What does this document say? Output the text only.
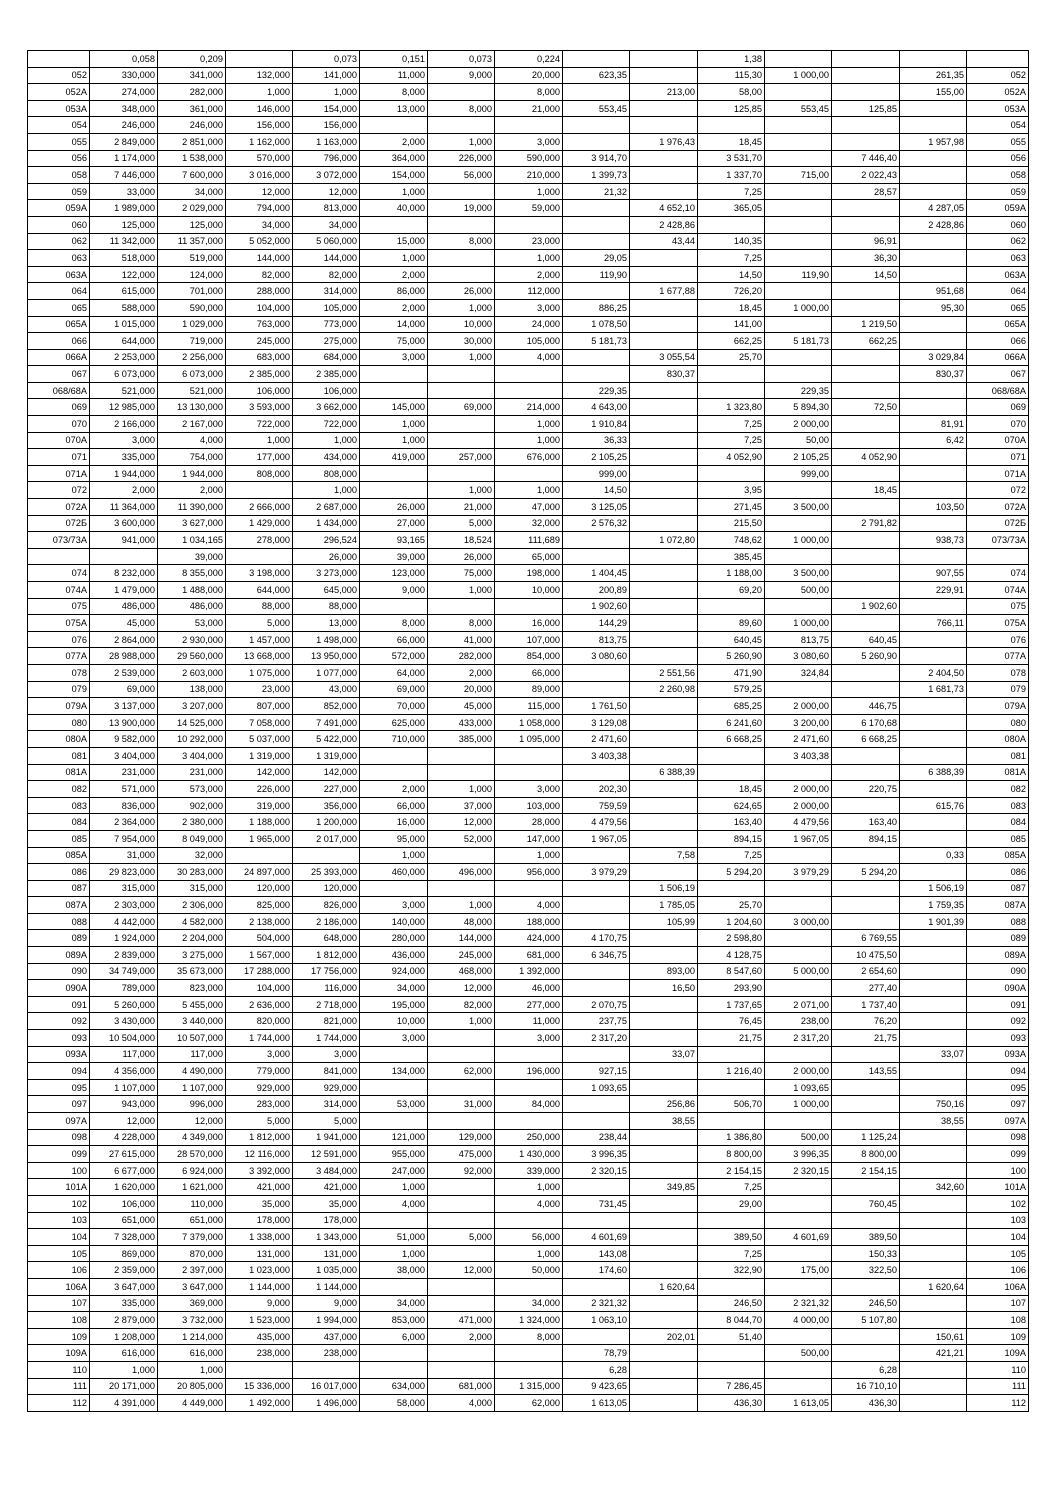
	0,058	0,209		0,073	0,151	0,073	0,224			1,38				
052	330,000	341,000	132,000	141,000	11,000	9,000	20,000	623,35		115,30	1 000,00		261,35	052
052A	274,000	282,000	1,000	1,000	8,000		8,000		213,00	58,00			155,00	052A
053A	348,000	361,000	146,000	154,000	13,000	8,000	21,000	553,45		125,85	553,45	125,85		053A
054	246,000	246,000	156,000	156,000										054
055	2 849,000	2 851,000	1 162,000	1 163,000	2,000	1,000	3,000		1 976,43	18,45			1 957,98	055
056	1 174,000	1 538,000	570,000	796,000	364,000	226,000	590,000	3 914,70		3 531,70		7 446,40		056
058	7 446,000	7 600,000	3 016,000	3 072,000	154,000	56,000	210,000	1 399,73		1 337,70	715,00	2 022,43		058
059	33,000	34,000	12,000	12,000	1,000		1,000	21,32		7,25		28,57		059
059A	1 989,000	2 029,000	794,000	813,000	40,000	19,000	59,000		4 652,10	365,05			4 287,05	059A
060	125,000	125,000	34,000	34,000					2 428,86				2 428,86	060
062	11 342,000	11 357,000	5 052,000	5 060,000	15,000	8,000	23,000		43,44	140,35		96,91		062
063	518,000	519,000	144,000	144,000	1,000		1,000	29,05		7,25		36,30		063
063A	122,000	124,000	82,000	82,000	2,000		2,000	119,90		14,50	119,90	14,50		063A
064	615,000	701,000	288,000	314,000	86,000	26,000	112,000		1 677,88	726,20			951,68	064
065	588,000	590,000	104,000	105,000	2,000	1,000	3,000	886,25		18,45	1 000,00		95,30	065
065A	1 015,000	1 029,000	763,000	773,000	14,000	10,000	24,000	1 078,50		141,00		1 219,50		065A
066	644,000	719,000	245,000	275,000	75,000	30,000	105,000	5 181,73		662,25	5 181,73	662,25		066
066A	2 253,000	2 256,000	683,000	684,000	3,000	1,000	4,000		3 055,54	25,70			3 029,84	066A
067	6 073,000	6 073,000	2 385,000	2 385,000					830,37				830,37	067
068/68A	521,000	521,000	106,000	106,000				229,35			229,35			068/68A
069	12 985,000	13 130,000	3 593,000	3 662,000	145,000	69,000	214,000	4 643,00		1 323,80	5 894,30	72,50		069
070	2 166,000	2 167,000	722,000	722,000	1,000		1,000	1 910,84		7,25	2 000,00		81,91	070
070A	3,000	4,000	1,000	1,000	1,000		1,000	36,33		7,25	50,00		6,42	070A
071	335,000	754,000	177,000	434,000	419,000	257,000	676,000	2 105,25		4 052,90	2 105,25	4 052,90		071
071A	1 944,000	1 944,000	808,000	808,000				999,00			999,00			071A
072	2,000	2,000		1,000		1,000	1,000	14,50		3,95		18,45		072
072A	11 364,000	11 390,000	2 666,000	2 687,000	26,000	21,000	47,000	3 125,05		271,45	3 500,00		103,50	072A
072Б	3 600,000	3 627,000	1 429,000	1 434,000	27,000	5,000	32,000	2 576,32		215,50		2 791,82		072Б
073/73A	941,000	1 034,165	278,000	296,524	93,165	18,524	111,689		1 072,80	748,62	1 000,00		938,73	073/73A
		39,000		26,000	39,000	26,000	65,000			385,45				
074	8 232,000	8 355,000	3 198,000	3 273,000	123,000	75,000	198,000	1 404,45		1 188,00	3 500,00		907,55	074
074A	1 479,000	1 488,000	644,000	645,000	9,000	1,000	10,000	200,89		69,20	500,00		229,91	074A
075	486,000	486,000	88,000	88,000				1 902,60				1 902,60		075
075A	45,000	53,000	5,000	13,000	8,000	8,000	16,000	144,29		89,60	1 000,00		766,11	075A
076	2 864,000	2 930,000	1 457,000	1 498,000	66,000	41,000	107,000	813,75		640,45	813,75	640,45		076
077A	28 988,000	29 560,000	13 668,000	13 950,000	572,000	282,000	854,000	3 080,60		5 260,90	3 080,60	5 260,90		077A
078	2 539,000	2 603,000	1 075,000	1 077,000	64,000	2,000	66,000		2 551,56	471,90	324,84		2 404,50	078
079	69,000	138,000	23,000	43,000	69,000	20,000	89,000		2 260,98	579,25			1 681,73	079
079A	3 137,000	3 207,000	807,000	852,000	70,000	45,000	115,000	1 761,50		685,25	2 000,00	446,75		079A
080	13 900,000	14 525,000	7 058,000	7 491,000	625,000	433,000	1 058,000	3 129,08		6 241,60	3 200,00	6 170,68		080
080A	9 582,000	10 292,000	5 037,000	5 422,000	710,000	385,000	1 095,000	2 471,60		6 668,25	2 471,60	6 668,25		080A
081	3 404,000	3 404,000	1 319,000	1 319,000				3 403,38			3 403,38			081
081A	231,000	231,000	142,000	142,000					6 388,39				6 388,39	081A
082	571,000	573,000	226,000	227,000	2,000	1,000	3,000	202,30		18,45	2 000,00	220,75		082
083	836,000	902,000	319,000	356,000	66,000	37,000	103,000	759,59		624,65	2 000,00		615,76	083
084	2 364,000	2 380,000	1 188,000	1 200,000	16,000	12,000	28,000	4 479,56		163,40	4 479,56	163,40		084
085	7 954,000	8 049,000	1 965,000	2 017,000	95,000	52,000	147,000	1 967,05		894,15	1 967,05	894,15		085
085A	31,000	32,000			1,000		1,000		7,58	7,25			0,33	085A
086	29 823,000	30 283,000	24 897,000	25 393,000	460,000	496,000	956,000	3 979,29		5 294,20	3 979,29	5 294,20		086
087	315,000	315,000	120,000	120,000					1 506,19				1 506,19	087
087A	2 303,000	2 306,000	825,000	826,000	3,000	1,000	4,000		1 785,05	25,70			1 759,35	087A
088	4 442,000	4 582,000	2 138,000	2 186,000	140,000	48,000	188,000		105,99	1 204,60	3 000,00		1 901,39	088
089	1 924,000	2 204,000	504,000	648,000	280,000	144,000	424,000	4 170,75		2 598,80		6 769,55		089
089A	2 839,000	3 275,000	1 567,000	1 812,000	436,000	245,000	681,000	6 346,75		4 128,75		10 475,50		089A
090	34 749,000	35 673,000	17 288,000	17 756,000	924,000	468,000	1 392,000		893,00	8 547,60	5 000,00	2 654,60		090
090A	789,000	823,000	104,000	116,000	34,000	12,000	46,000		16,50	293,90		277,40		090A
091	5 260,000	5 455,000	2 636,000	2 718,000	195,000	82,000	277,000	2 070,75		1 737,65	2 071,00	1 737,40		091
092	3 430,000	3 440,000	820,000	821,000	10,000	1,000	11,000	237,75		76,45	238,00	76,20		092
093	10 504,000	10 507,000	1 744,000	1 744,000	3,000		3,000	2 317,20		21,75	2 317,20	21,75		093
093A	117,000	117,000	3,000	3,000					33,07				33,07	093A
094	4 356,000	4 490,000	779,000	841,000	134,000	62,000	196,000	927,15		1 216,40	2 000,00	143,55		094
095	1 107,000	1 107,000	929,000	929,000				1 093,65			1 093,65			095
097	943,000	996,000	283,000	314,000	53,000	31,000	84,000		256,86	506,70	1 000,00		750,16	097
097A	12,000	12,000	5,000	5,000					38,55				38,55	097A
098	4 228,000	4 349,000	1 812,000	1 941,000	121,000	129,000	250,000	238,44		1 386,80	500,00	1 125,24		098
099	27 615,000	28 570,000	12 116,000	12 591,000	955,000	475,000	1 430,000	3 996,35		8 800,00	3 996,35	8 800,00		099
100	6 677,000	6 924,000	3 392,000	3 484,000	247,000	92,000	339,000	2 320,15		2 154,15	2 320,15	2 154,15		100
101A	1 620,000	1 621,000	421,000	421,000	1,000		1,000		349,85	7,25			342,60	101A
102	106,000	110,000	35,000	35,000	4,000		4,000	731,45		29,00		760,45		102
103	651,000	651,000	178,000	178,000										103
104	7 328,000	7 379,000	1 338,000	1 343,000	51,000	5,000	56,000	4 601,69		389,50	4 601,69	389,50		104
105	869,000	870,000	131,000	131,000	1,000		1,000	143,08		7,25		150,33		105
106	2 359,000	2 397,000	1 023,000	1 035,000	38,000	12,000	50,000	174,60		322,90	175,00	322,50		106
106A	3 647,000	3 647,000	1 144,000	1 144,000					1 620,64				1 620,64	106A
107	335,000	369,000	9,000	9,000	34,000		34,000	2 321,32		246,50	2 321,32	246,50		107
108	2 879,000	3 732,000	1 523,000	1 994,000	853,000	471,000	1 324,000	1 063,10		8 044,70	4 000,00	5 107,80		108
109	1 208,000	1 214,000	435,000	437,000	6,000	2,000	8,000		202,01	51,40			150,61	109
109A	616,000	616,000	238,000	238,000				78,79			500,00		421,21	109A
110	1,000	1,000						6,28				6,28		110
111	20 171,000	20 805,000	15 336,000	16 017,000	634,000	681,000	1 315,000	9 423,65		7 286,45		16 710,10		111
112	4 391,000	4 449,000	1 492,000	1 496,000	58,000	4,000	62,000	1 613,05		436,30	1 613,05	436,30		112
